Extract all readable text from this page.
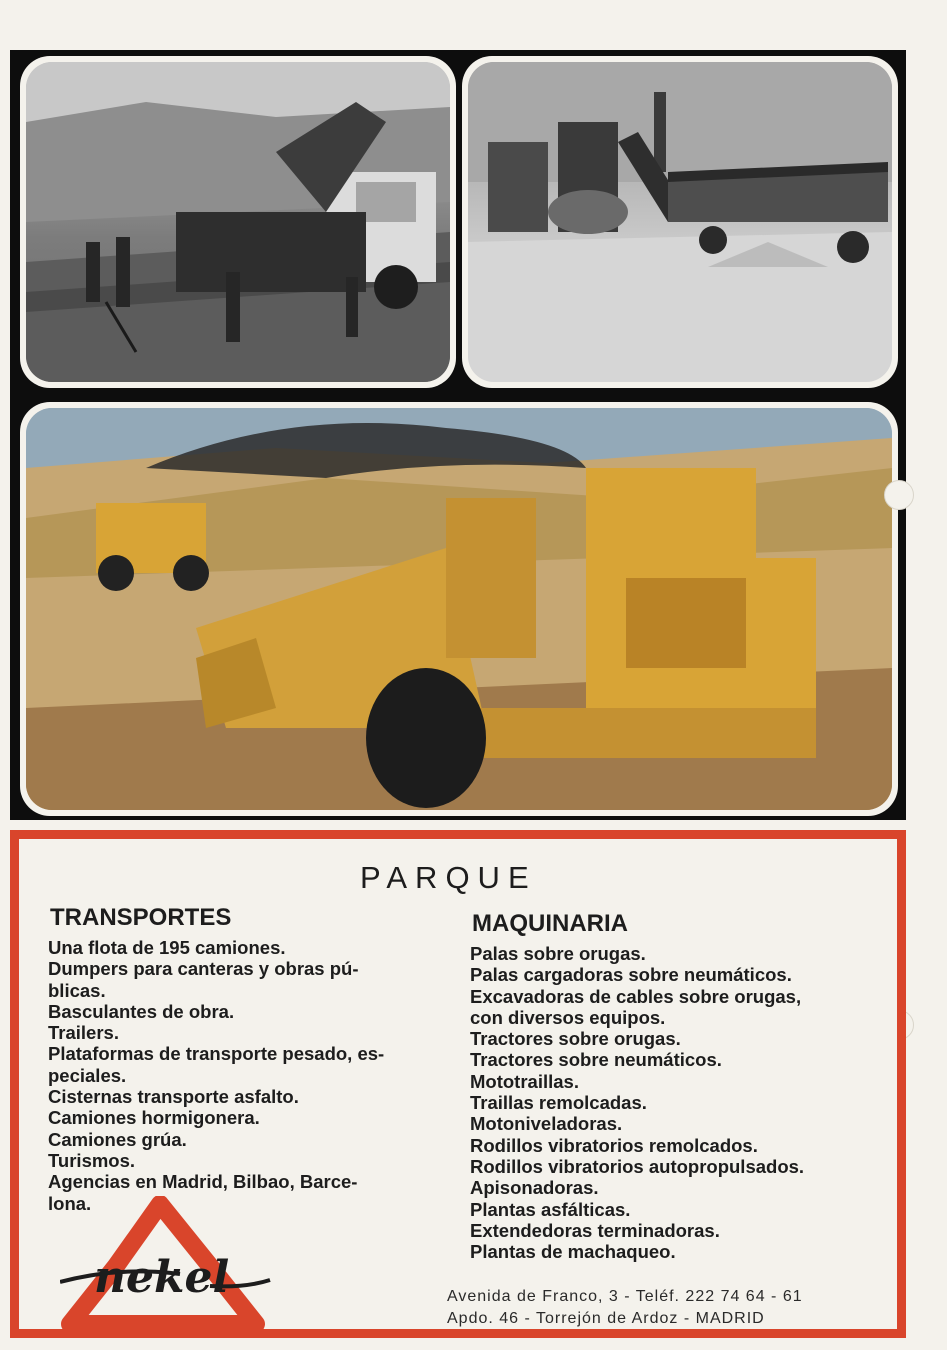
PARQUE
TRANSPORTES
Una flota de 195 camiones.
Dumpers para canteras y obras pú-
blicas.
Basculantes de obra.
Trailers.
Plataformas de transporte pesado, es-
peciales.
Cisternas transporte asfalto.
Camiones hormigonera.
Camiones grúa.
Turismos.
Agencias en Madrid, Bilbao, Barce-
lona.
MAQUINARIA
Palas sobre orugas.
Palas cargadoras sobre neumáticos.
Excavadoras de cables sobre orugas,
con diversos equipos.
Tractores sobre orugas.
Tractores sobre neumáticos.
Mototraillas.
Traillas remolcadas.
Motoniveladoras.
Rodillos vibratorios remolcados.
Rodillos vibratorios autopropulsados.
Apisonadoras.
Plantas asfálticas.
Extendedoras terminadoras.
Plantas de machaqueo.
nekel	Avenida de Franco, 3 - Teléf. 222 74 64 - 61
Apdo. 46 - Torrejón de Ardoz - MADRID
